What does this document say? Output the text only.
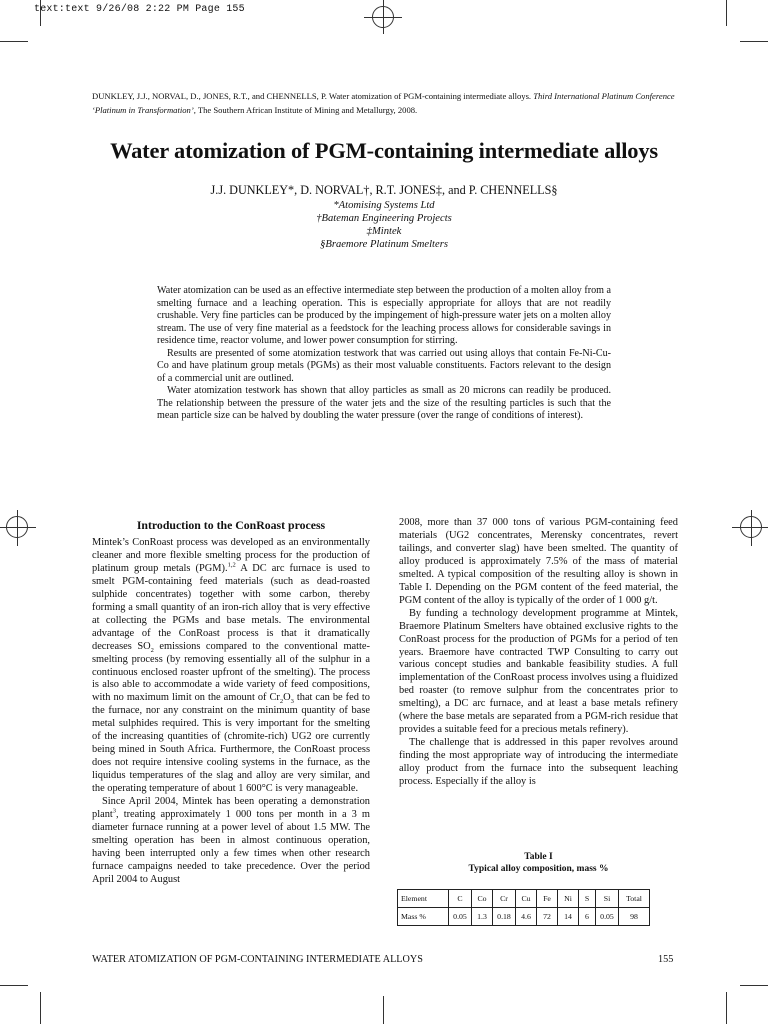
text:text 9/26/08 2:22 PM Page 155
DUNKLEY, J.J., NORVAL, D., JONES, R.T., and CHENNELLS, P. Water atomization of PGM-containing intermediate alloys. Third International Platinum Conference ‘Platinum in Transformation’, The Southern African Institute of Mining and Metallurgy, 2008.
Water atomization of PGM-containing intermediate alloys
J.J. DUNKLEY*, D. NORVAL†, R.T. JONES‡, and P. CHENNELLS§
*Atomising Systems Ltd
†Bateman Engineering Projects
‡Mintek
§Braemore Platinum Smelters

Water atomization can be used as an effective intermediate step between the production of a molten alloy from a smelting furnace and a leaching operation. This is especially appropriate for alloys that are not readily crushable. Very fine particles can be produced by the impingement of high-pressure water jets on a molten alloy stream. The use of very fine material as a feedstock for the leaching process allows for considerable savings in residence time, reactor volume, and lower power consumption for stirring.

Results are presented of some atomization testwork that was carried out using alloys that contain Fe-Ni-Cu-Co and have platinum group metals (PGMs) as their most valuable constituents. Factors relevant to the design of a commercial unit are outlined.

Water atomization testwork has shown that alloy particles as small as 20 microns can readily be produced. The relationship between the pressure of the water jets and the size of the resulting particles is such that the mean particle size can be halved by doubling the water pressure (over the range of conditions of interest).

Introduction to the ConRoast process

Mintek’s ConRoast process was developed as an environmentally cleaner and more flexible smelting process for the production of platinum group metals (PGM).$^{1,2}$ A DC arc furnace is used to smelt PGM-containing feed materials (such as dead-roasted sulphide concentrates) together with some carbon, thereby forming a small quantity of an iron-rich alloy that is very effective at collecting the PGMs and base metals. The environmental advantage of the ConRoast process is that it dramatically decreases $SO_2$ emissions compared to the conventional matte-smelting process (by removing essentially all of the sulphur in a continuous enclosed roaster upfront of the smelting). The process is also able to accommodate a wide variety of feed compositions, with no maximum limit on the amount of $Cr_2O_3$ that can be fed to the furnace, nor any constraint on the minimum quantity of base metal sulphides required. This is very important for the smelting of the increasing quantities of (chromite-rich) UG2 ore currently being mined in South Africa. Furthermore, the ConRoast process does not require intensive cooling systems in the furnace, as the liquidus temperatures of the slag and alloy are very similar, and the operating temperature of about 1 600°C is very manageable.

Since April 2004, Mintek has been operating a demonstration plant$^3$, treating approximately 1 000 tons per month in a 3 m diameter furnace running at a power level of about 1.5 MW. The smelting operation has been in almost continuous operation, having been interrupted only a few times when other research furnace campaigns needed to take precedence. Over the period April 2004 to August

2008, more than 37 000 tons of various PGM-containing feed materials (UG2 concentrates, Merensky concentrates, revert tailings, and converter slag) have been smelted. The quantity of alloy produced is approximately 7.5% of the mass of material smelted. A typical composition of the resulting alloy is shown in Table I. Depending on the PGM content of the feed material, the PGM content of the alloy is typically of the order of 1 000 g/t.

By funding a technology development programme at Mintek, Braemore Platinum Smelters have obtained exclusive rights to the ConRoast process for the production of PGMs for a period of ten years. Braemore have contracted TWP Consulting to carry out various concept studies and bankable feasibility studies. A full implementation of the ConRoast process involves using a fluidized bed roaster (to remove sulphur from the concentrates prior to smelting), a DC arc furnace, and at least a base metals refinery (where the base metals are separated from a PGM-rich residue that provides a suitable feed for a precious metals refinery).

The challenge that is addressed in this paper revolves around finding the most appropriate way of introducing the intermediate alloy product from the furnace into the subsequent leaching process. Especially if the alloy is

Table I
Typical alloy composition, mass %
Element	C	Co	Cr	Cu	Fe	Ni	S	Si	Total
Mass %	0.05	1.3	0.18	4.6	72	14	6	0.05	98
WATER ATOMIZATION OF PGM-CONTAINING INTERMEDIATE ALLOYS	155
